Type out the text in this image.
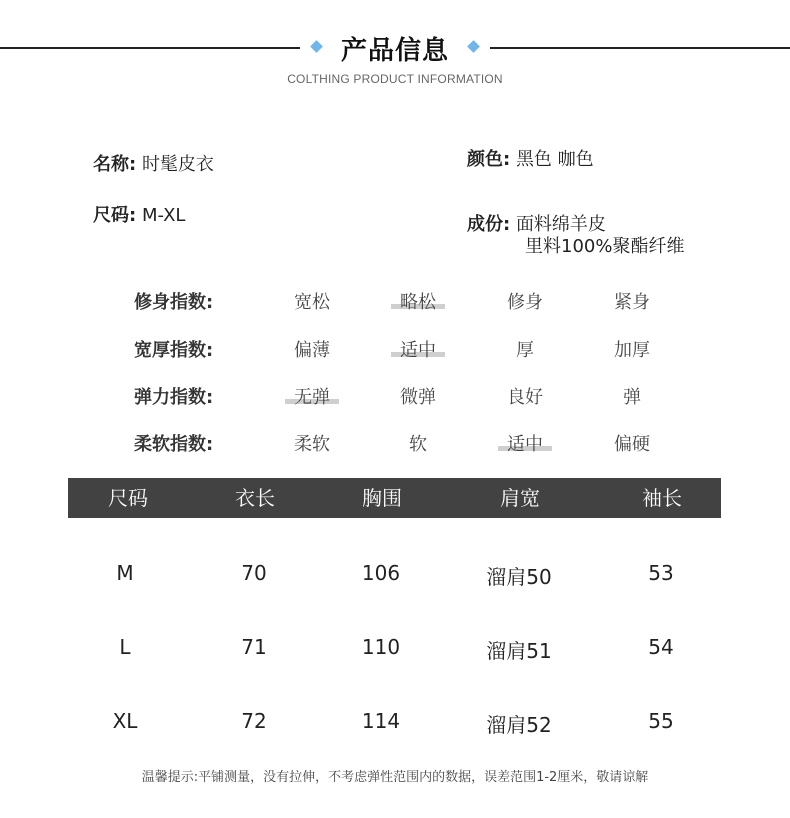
产品信息
COLTHING PRODUCT INFORMATION
名称: 时髦皮衣
尺码: M-XL
颜色: 黑色 咖色
成份: 面料绵羊皮
里料100%聚酯纤维
修身指数:	宽松	略松	修身	紧身
宽厚指数:	偏薄	适中	厚	加厚
弹力指数:	无弹	微弹	良好	弹
柔软指数:	柔软	软	适中	偏硬
尺码	衣长	胸围	肩宽	袖长
M	70	106	溜肩50	53
L	71	110	溜肩51	54
XL	72	114	溜肩52	55
温馨提示:平铺测量，没有拉伸，不考虑弹性范围内的数据，误差范围1-2厘米，敬请谅解
